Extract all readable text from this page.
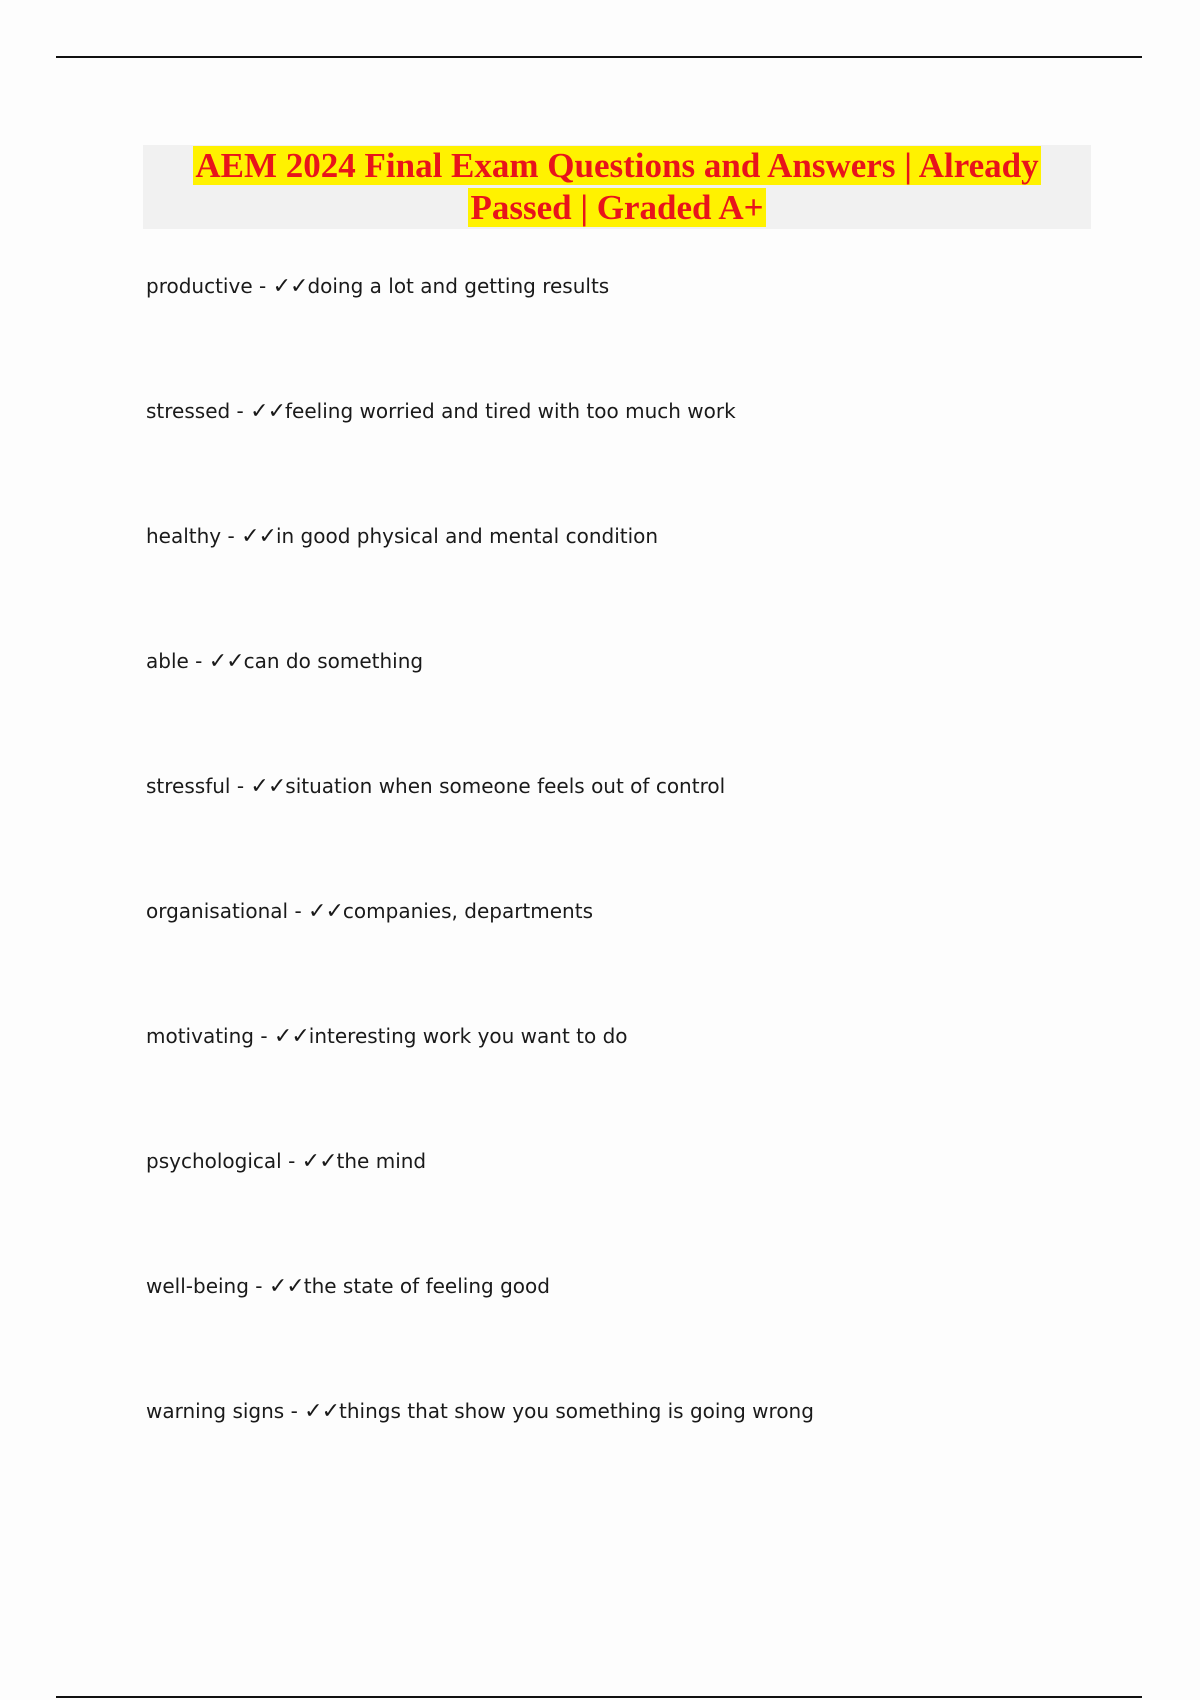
AEM 2024 Final Exam Questions and Answers | Already Passed | Graded A+
productive - ✓✓doing a lot and getting results
stressed - ✓✓feeling worried and tired with too much work
healthy - ✓✓in good physical and mental condition
able - ✓✓can do something
stressful - ✓✓situation when someone feels out of control
organisational - ✓✓companies, departments
motivating - ✓✓interesting work you want to do
psychological - ✓✓the mind
well-being - ✓✓the state of feeling good
warning signs - ✓✓things that show you something is going wrong
